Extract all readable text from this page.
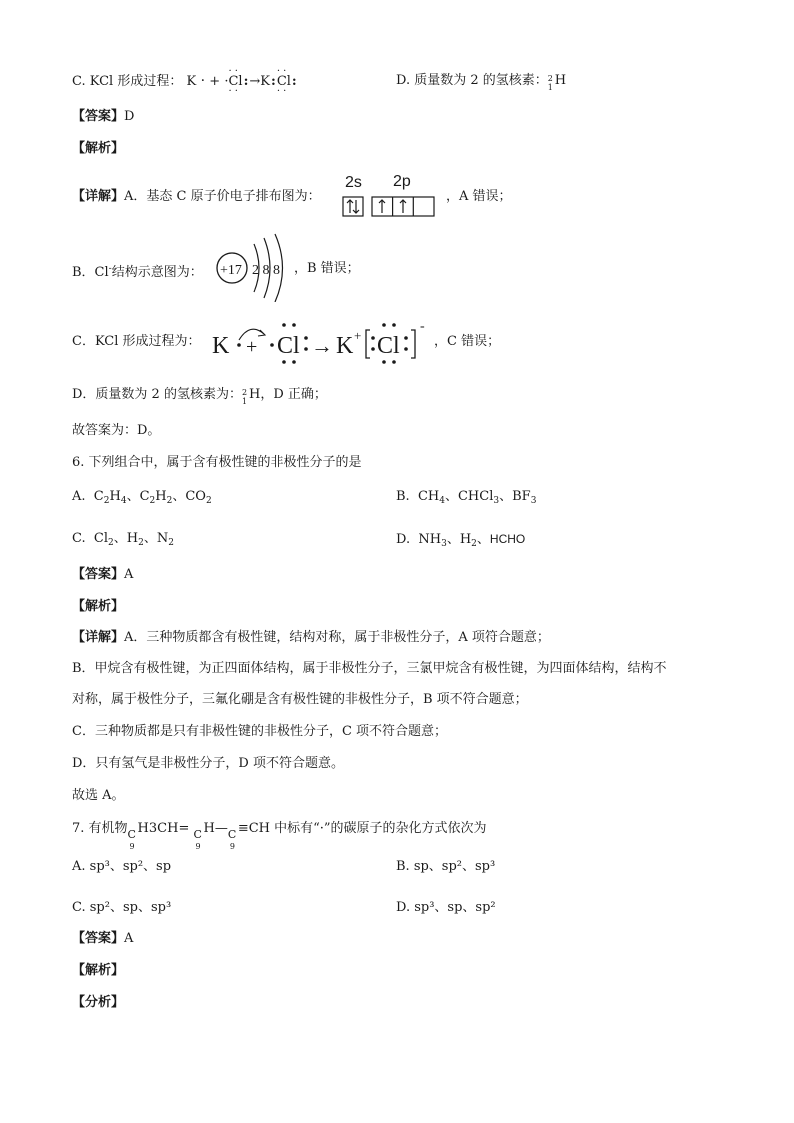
C. KCl 形成过程： K · + ·· · Cl · ·:→K:· · Cl · ·:	D. 质量数为 2 的氢核素： 2
1 H
【答案】D
【解析】
【详解】A．基态 C 原子价电子排布图为：
2s 2p
，A 错误；
B．Cl-结构示意图为： +17 2 8 8 ，B 错误；
C．KCl 形成过程为： K + Cl → K + Cl
-
，C 错误；
D．质量数为 2 的氢核素为： 2
1 H，D 正确；
故答案为：D。
6. 下列组合中，属于含有极性键的非极性分子的是
A.  $C_2H_4$、$C_2H_2$、$CO_2$	B.  $CH_4$、CHCl$_3$、$BF_3$
C.  $Cl_2$、$H_2$、$N_2$	D.  $NH_3$、$H_2$、HCHO
【答案】A
【解析】
【详解】A．三种物质都含有极性键，结构对称，属于非极性分子，A 项符合题意；
B．甲烷含有极性键，为正四面体结构，属于非极性分子，三氯甲烷含有极性键，为四面体结构，结构不
对称，属于极性分子，三氟化硼是含有极性键的非极性分子，B 项不符合题意；
C．三种物质都是只有非极性键的非极性分子，C 项不符合题意；
D．只有氢气是非极性分子，D 项不符合题意。
故选 A。
7. 有机物 C
9
H3CH= C
9
H— C
9
≡CH 中标有“·”的碳原子的杂化方式依次为
A. sp³、sp²、sp	B. sp、sp²、sp³
C. sp²、sp、sp³	D. sp³、sp、sp²
【答案】A
【解析】
【分析】
